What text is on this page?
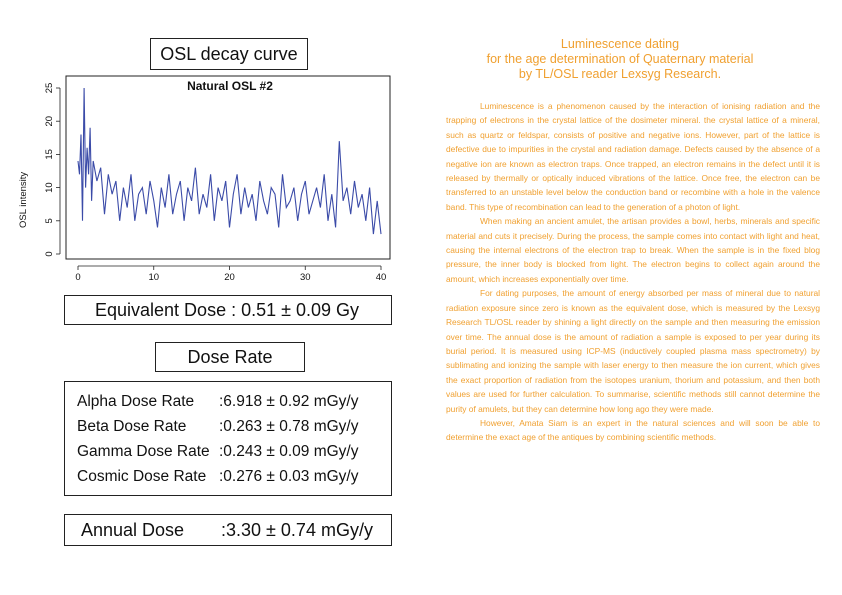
OSL decay curve
Natural OSL #2
OSL intensity
0	10	20	30	40
0
5
10
15
20
25
Equivalent Dose : 0.51 ± 0.09 Gy
Dose Rate
Alpha Dose Rate :6.918 ± 0.92 mGy/y
Beta Dose Rate :0.263 ± 0.78 mGy/y
Gamma Dose Rate :0.243 ± 0.09 mGy/y
Cosmic Dose Rate :0.276 ± 0.03 mGy/y
Annual Dose :3.30 ± 0.74 mGy/y
Luminescence dating
for the age determination of Quaternary material
by TL/OSL reader Lexsyg Research.

Luminescence is a phenomenon caused by the interaction of ionising radiation and the trapping of electrons in the crystal lattice of the dosimeter mineral. the crystal lattice of a mineral, such as quartz or feldspar, consists of positive and negative ions. However, part of the lattice is defective due to impurities in the crystal and radiation damage. Defects caused by the absence of a negative ion are known as electron traps. Once trapped, an electron remains in the defect until it is released by thermally or optically induced vibrations of the lattice. Once free, the electron can be transferred to an unstable level below the conduction band or recombine with a hole in the valence band. This type of recombination can lead to the generation of a photon of light.

When making an ancient amulet, the artisan provides a bowl, herbs, minerals and specific material and cuts it precisely. During the process, the sample comes into contact with light and heat, causing the internal electrons of the electron trap to break. When the sample is in the fixed blog pressure, the inner body is blocked from light. The electron begins to collect again around the amount, which increases exponentially over time.

For dating purposes, the amount of energy absorbed per mass of mineral due to natural radiation exposure since zero is known as the equivalent dose, which is measured by the Lexsyg Research TL/OSL reader by shining a light directly on the sample and then measuring the emission over time. The annual dose is the amount of radiation a sample is exposed to per year during its burial period. It is measured using ICP-MS (inductively coupled plasma mass spectrometry) by sublimating and ionizing the sample with laser energy to then measure the ion current, which gives the exact proportion of radiation from the isotopes uranium, thorium and potassium, and then both values are used for further calculation. To summarise, scientific methods still cannot determine the purity of amulets, but they can determine how long ago they were made.

However, Amata Siam is an expert in the natural sciences and will soon be able to determine the exact age of the antiques by combining scientific methods.
